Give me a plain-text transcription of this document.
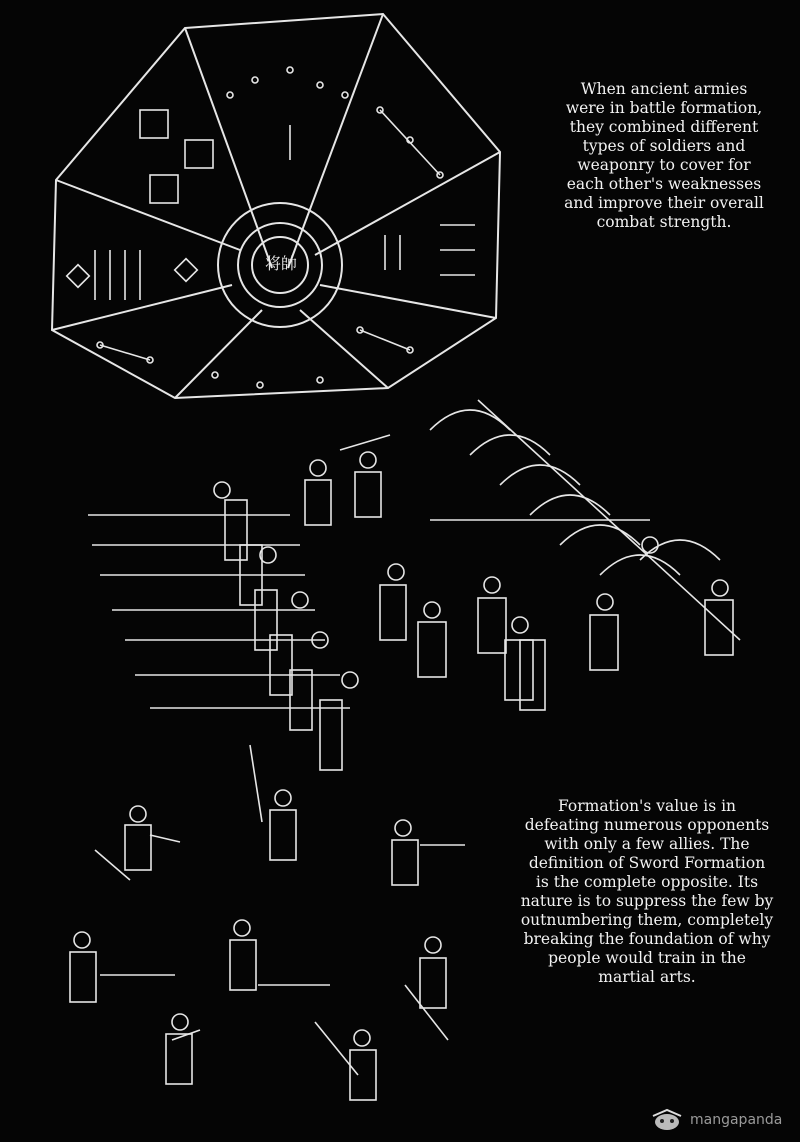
将帥

When ancient armies

were in battle formation,

they combined different

types of soldiers and

weaponry to cover for

each other's weaknesses

and improve their overall

combat strength.

Formation's value is in

defeating numerous opponents

with only a few allies. The

definition of Sword Formation

is the complete opposite. Its

nature is to suppress the few by

outnumbering them, completely

breaking the foundation of why

people would train in the

martial arts.

mangapanda
